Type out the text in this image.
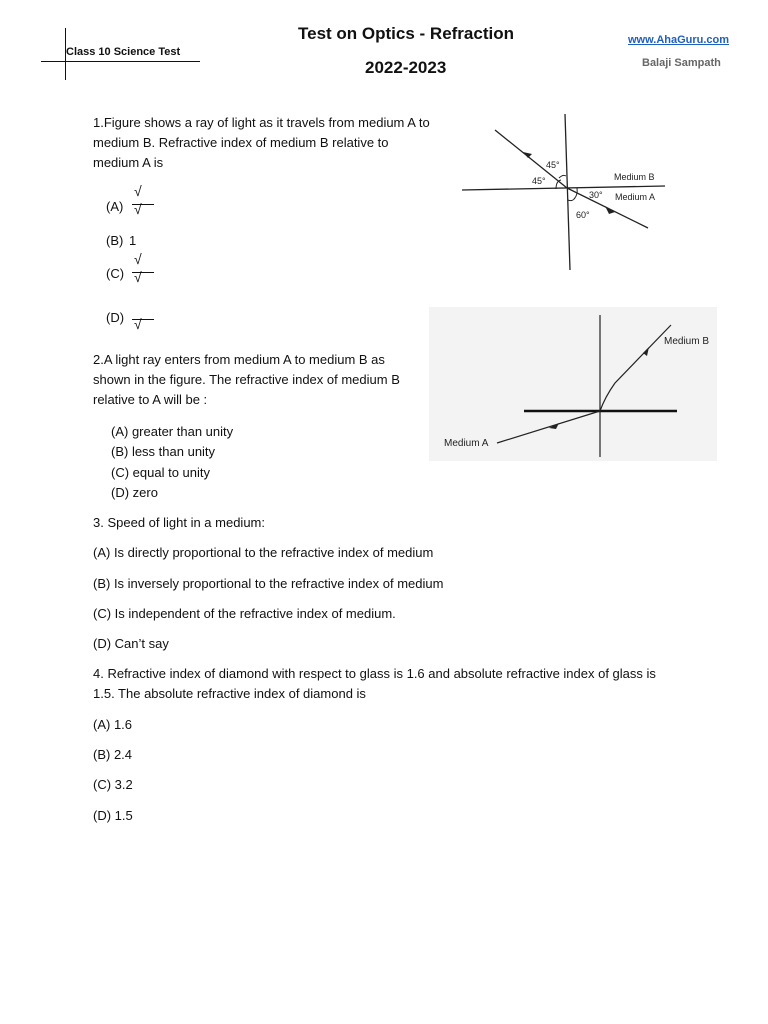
Class 10 Science Test
Test on Optics - Refraction
2022-2023
www.AhaGuru.com
Balaji Sampath
1.Figure shows a ray of light as it travels from medium A to medium B. Refractive index of medium B relative to medium A is
(A)
√
√
(B) 1
(C)
√
√
(D) √
45°
45°
30°
60°
Medium B
Medium A
2.A light ray enters from medium A to medium B as shown in the figure. The refractive index of medium B relative to A will be :
(A) greater than unity
(B) less than unity
(C) equal to unity
(D) zero
Medium B
Medium A
3. Speed of light in a medium:
(A) Is directly proportional to the refractive index of medium
(B) Is inversely proportional to the refractive index of medium
(C) Is independent of the refractive index of medium.
(D) Can’t say
4. Refractive index of diamond with respect to glass is 1.6 and absolute refractive index of glass is 1.5. The absolute refractive index of diamond is
(A) 1.6
(B) 2.4
(C) 3.2
(D) 1.5
